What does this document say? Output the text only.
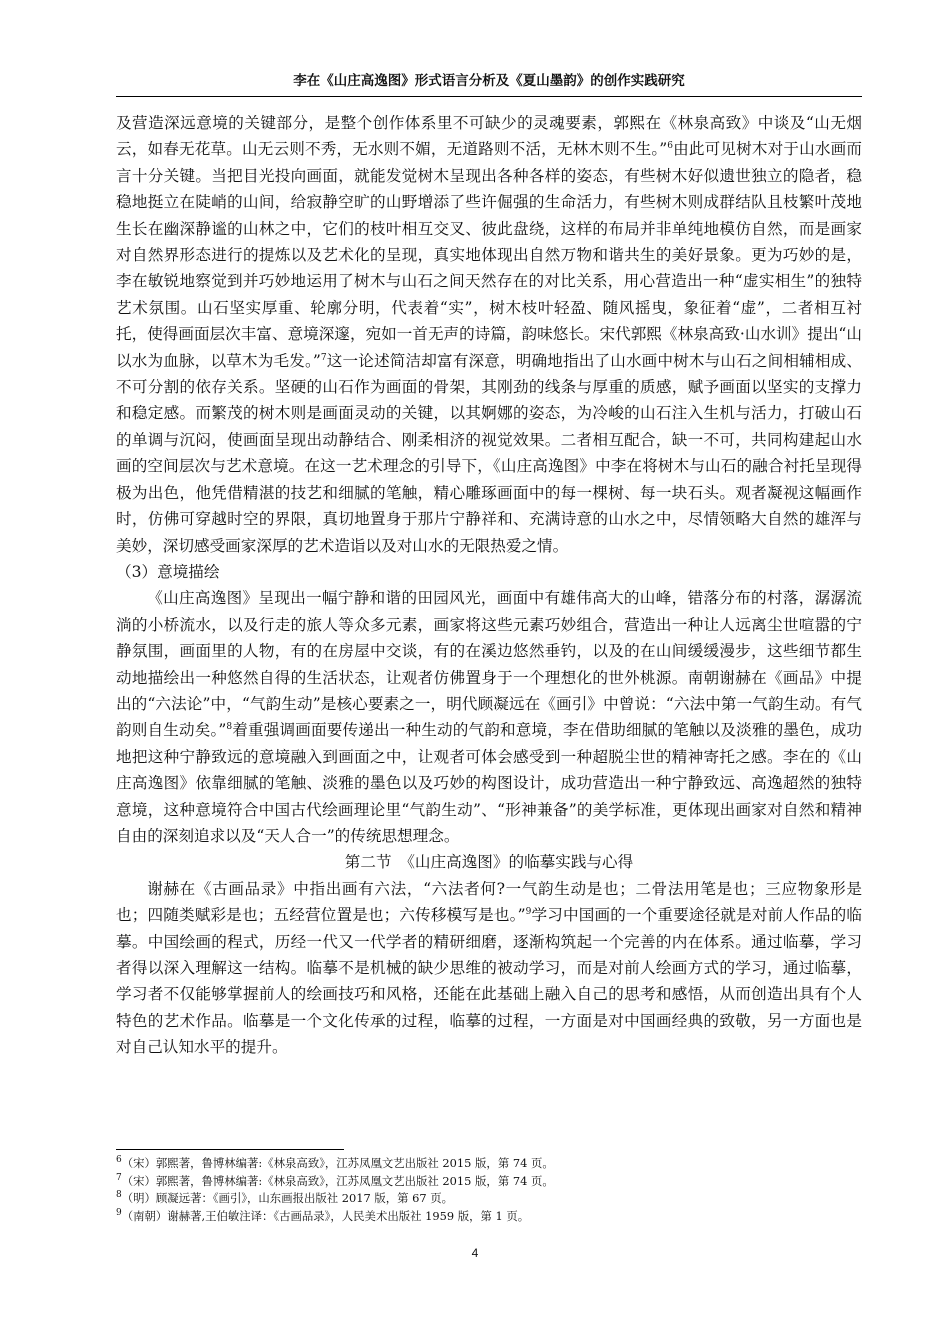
李在《山庄高逸图》形式语言分析及《夏山墨韵》的创作实践研究

及营造深远意境的关键部分，是整个创作体系里不可缺少的灵魂要素，郭熙在《林泉高致》中谈及“山无烟云，如春无花草。山无云则不秀，无水则不媚，无道路则不活，无林木则不生。”$^6$由此可见树木对于山水画而言十分关键。当把目光投向画面，就能发觉树木呈现出各种各样的姿态，有些树木好似遗世独立的隐者，稳稳地挺立在陡峭的山间，给寂静空旷的山野增添了些许倔强的生命活力，有些树木则成群结队且枝繁叶茂地生长在幽深静谧的山林之中，它们的枝叶相互交叉、彼此盘绕，这样的布局并非单纯地模仿自然，而是画家对自然界形态进行的提炼以及艺术化的呈现，真实地体现出自然万物和谐共生的美好景象。更为巧妙的是，李在敏锐地察觉到并巧妙地运用了树木与山石之间天然存在的对比关系，用心营造出一种“虚实相生”的独特艺术氛围。山石坚实厚重、轮廓分明，代表着“实”，树木枝叶轻盈、随风摇曳，象征着“虚”，二者相互衬托，使得画面层次丰富、意境深邃，宛如一首无声的诗篇，韵味悠长。宋代郭熙《林泉高致·山水训》提出“山以水为血脉，以草木为毛发。”$^7$这一论述简洁却富有深意，明确地指出了山水画中树木与山石之间相辅相成、不可分割的依存关系。坚硬的山石作为画面的骨架，其刚劲的线条与厚重的质感，赋予画面以坚实的支撑力和稳定感。而繁茂的树木则是画面灵动的关键，以其婀娜的姿态，为冷峻的山石注入生机与活力，打破山石的单调与沉闷，使画面呈现出动静结合、刚柔相济的视觉效果。二者相互配合，缺一不可，共同构建起山水画的空间层次与艺术意境。在这一艺术理念的引导下，《山庄高逸图》中李在将树木与山石的融合衬托呈现得极为出色，他凭借精湛的技艺和细腻的笔触，精心雕琢画面中的每一棵树、每一块石头。观者凝视这幅画作时，仿佛可穿越时空的界限，真切地置身于那片宁静祥和、充满诗意的山水之中，尽情领略大自然的雄浑与美妙，深切感受画家深厚的艺术造诣以及对山水的无限热爱之情。

（3）意境描绘

《山庄高逸图》呈现出一幅宁静和谐的田园风光，画面中有雄伟高大的山峰，错落分布的村落，潺潺流淌的小桥流水，以及行走的旅人等众多元素，画家将这些元素巧妙组合，营造出一种让人远离尘世喧嚣的宁静氛围，画面里的人物，有的在房屋中交谈，有的在溪边悠然垂钓，以及的在山间缓缓漫步，这些细节都生动地描绘出一种悠然自得的生活状态，让观者仿佛置身于一个理想化的世外桃源。南朝谢赫在《画品》中提出的“六法论”中，“气韵生动”是核心要素之一，明代顾凝远在《画引》中曾说：“六法中第一气韵生动。有气韵则自生动矣。”$^8$着重强调画面要传递出一种生动的气韵和意境，李在借助细腻的笔触以及淡雅的墨色，成功地把这种宁静致远的意境融入到画面之中，让观者可体会感受到一种超脱尘世的精神寄托之感。李在的《山庄高逸图》依靠细腻的笔触、淡雅的墨色以及巧妙的构图设计，成功营造出一种宁静致远、高逸超然的独特意境，这种意境符合中国古代绘画理论里“气韵生动”、“形神兼备”的美学标准，更体现出画家对自然和精神自由的深刻追求以及“天人合一”的传统思想理念。

第二节　《山庄高逸图》的临摹实践与心得

谢赫在《古画品录》中指出画有六法，“六法者何?一气韵生动是也；二骨法用笔是也；三应物象形是也；四随类赋彩是也；五经营位置是也；六传移模写是也。”$^9$学习中国画的一个重要途径就是对前人作品的临摹。中国绘画的程式，历经一代又一代学者的精研细磨，逐渐构筑起一个完善的内在体系。通过临摹，学习者得以深入理解这一结构。临摹不是机械的缺少思维的被动学习，而是对前人绘画方式的学习，通过临摹，学习者不仅能够掌握前人的绘画技巧和风格，还能在此基础上融入自己的思考和感悟，从而创造出具有个人特色的艺术作品。临摹是一个文化传承的过程，临摹的过程，一方面是对中国画经典的致敬，另一方面也是对自己认知水平的提升。

$^6$（宋）郭熙著，鲁博林编著:《林泉高致》，江苏凤凰文艺出版社 2015 版，第 74 页。
$^7$（宋）郭熙著，鲁博林编著:《林泉高致》，江苏凤凰文艺出版社 2015 版，第 74 页。
$^8$（明）顾凝远著：《画引》，山东画报出版社 2017 版，第 67 页。
$^9$（南朝）谢赫著,王伯敏注译：《古画品录》，人民美术出版社 1959 版，第 1 页。
4
